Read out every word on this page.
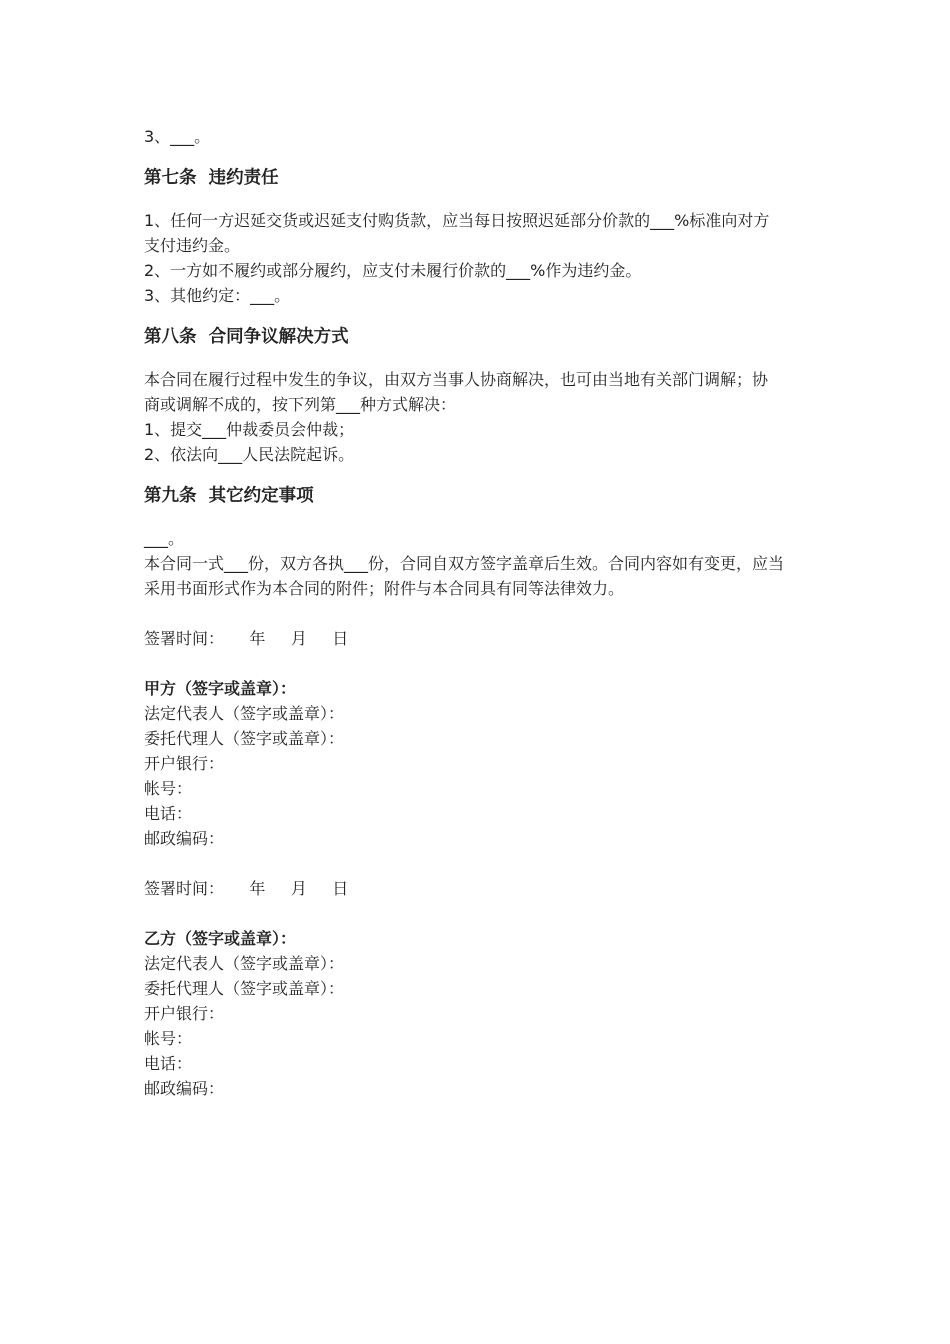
3、___。
第七条  违约责任
1、任何一方迟延交货或迟延支付购货款，应当每日按照迟延部分价款的___%标准向对方
支付违约金。
2、一方如不履约或部分履约，应支付未履行价款的___%作为违约金。
3、其他约定：___。
第八条  合同争议解决方式
本合同在履行过程中发生的争议，由双方当事人协商解决，也可由当地有关部门调解；协
商或调解不成的，按下列第___种方式解决：
1、提交___仲裁委员会仲裁；
2、依法向___人民法院起诉。
第九条  其它约定事项
___。
本合同一式___份，双方各执___份，合同自双方签字盖章后生效。合同内容如有变更，应当
采用书面形式作为本合同的附件；附件与本合同具有同等法律效力。
签署时间：     年     月     日
甲方（签字或盖章）：
法定代表人（签字或盖章）：
委托代理人（签字或盖章）：
开户银行：
帐号：
电话：
邮政编码：
签署时间：     年     月     日
乙方（签字或盖章）：
法定代表人（签字或盖章）：
委托代理人（签字或盖章）：
开户银行：
帐号：
电话：
邮政编码：
